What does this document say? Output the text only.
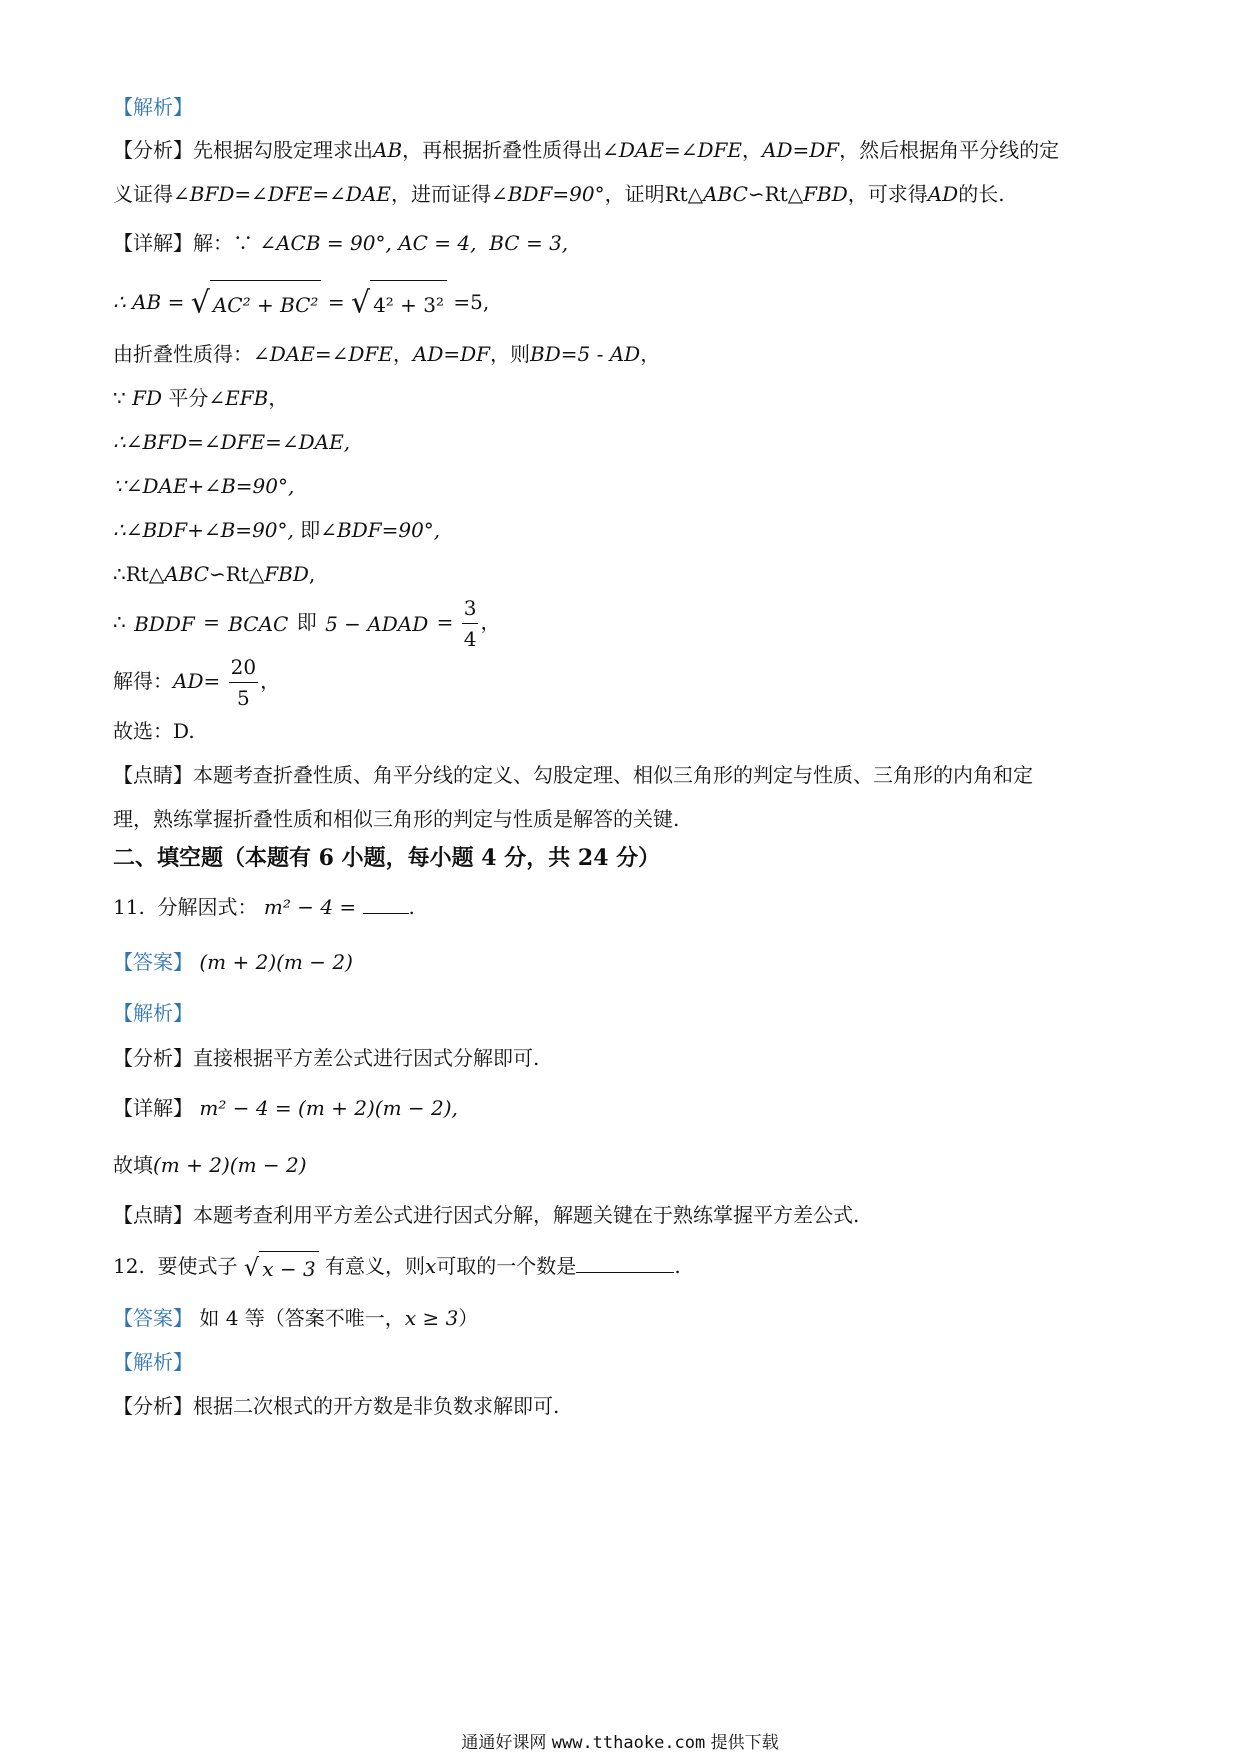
【解析】
【分析】先根据勾股定理求出AB，再根据折叠性质得出∠DAE=∠DFE，AD=DF，然后根据角平分线的定
义证得∠BFD=∠DFE=∠DAE，进而证得∠BDF=90°，证明Rt△ABC∽Rt△FBD，可求得AD的长.
【详解】解：∵ ∠ACB = 90°, AC = 4, BC = 3,
∴ AB = √ AC² + BC² = √ 4² + 3² =5,
由折叠性质得：∠DAE=∠DFE，AD=DF，则BD=5 - AD，
∵ FD 平分∠EFB，
∴∠BFD=∠DFE=∠DAE,
∵∠DAE+∠B=90°,
∴∠BDF+∠B=90°, 即∠BDF=90°,
∴Rt△ABC∽Rt△FBD,
∴ BDDF = BCAC 即 5 − ADAD = $\frac{3}{4}$ ，
解得：$AD= \frac{20}{5}$ ，
故选：D.
【点睛】本题考查折叠性质、角平分线的定义、勾股定理、相似三角形的判定与性质、三角形的内角和定
理，熟练掌握折叠性质和相似三角形的判定与性质是解答的关键.
二、填空题（本题有 6 小题，每小题 4 分，共 24 分）
11. 分解因式： m² − 4 =	.
【答案】 (m + 2)(m − 2)
【解析】
【分析】直接根据平方差公式进行因式分解即可.
【详解】 m² − 4 = (m + 2)(m − 2),
故填(m + 2)(m − 2)
【点睛】本题考查利用平方差公式进行因式分解，解题关键在于熟练掌握平方差公式.
12. 要使式子 √ x − 3 有意义，则x可取的一个数是	.
【答案】 如 4 等（答案不唯一，x ≥ 3）
【解析】
【分析】根据二次根式的开方数是非负数求解即可.
通通好课网 www.tthaoke.com 提供下载
